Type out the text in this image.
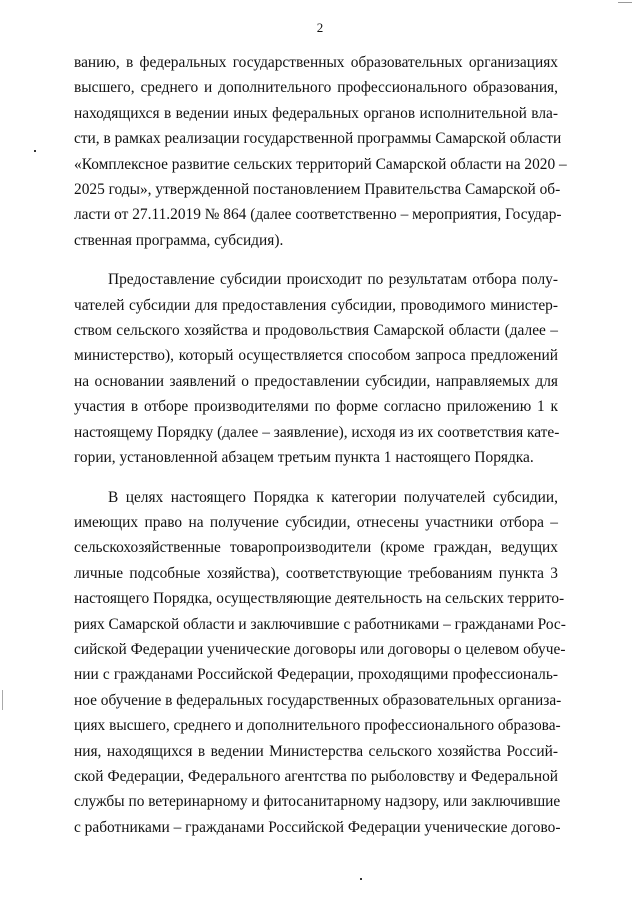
2

ванию, в федеральных государственных образовательных организациях
высшего, среднего и дополнительного профессионального образования,
находящихся в ведении иных федеральных органов исполнительной вла-
сти, в рамках реализации государственной программы Самарской области
«Комплексное развитие сельских территорий Самарской области на 2020 –
2025 годы», утвержденной постановлением Правительства Самарской об-
ласти от 27.11.2019 № 864 (далее соответственно – мероприятия, Государ-
ственная программа, субсидия).

Предоставление субсидии происходит по результатам отбора полу-
чателей субсидии для предоставления субсидии, проводимого министер-
ством сельского хозяйства и продовольствия Самарской области (далее –
министерство), который осуществляется способом запроса предложений
на основании заявлений о предоставлении субсидии, направляемых для
участия в отборе производителями по форме согласно приложению 1 к
настоящему Порядку (далее – заявление), исходя из их соответствия кате-
гории, установленной абзацем третьим пункта 1 настоящего Порядка.

В целях настоящего Порядка к категории получателей субсидии,
имеющих право на получение субсидии, отнесены участники отбора –
сельскохозяйственные товаропроизводители (кроме граждан, ведущих
личные подсобные хозяйства), соответствующие требованиям пункта 3
настоящего Порядка, осуществляющие деятельность на сельских террито-
риях Самарской области и заключившие с работниками – гражданами Рос-
сийской Федерации ученические договоры или договоры о целевом обуче-
нии с гражданами Российской Федерации, проходящими профессиональ-
ное обучение в федеральных государственных образовательных организа-
циях высшего, среднего и дополнительного профессионального образова-
ния, находящихся в ведении Министерства сельского хозяйства Россий-
ской Федерации, Федерального агентства по рыболовству и Федеральной
службы по ветеринарному и фитосанитарному надзору, или заключившие
с работниками – гражданами Российской Федерации ученические догово-
